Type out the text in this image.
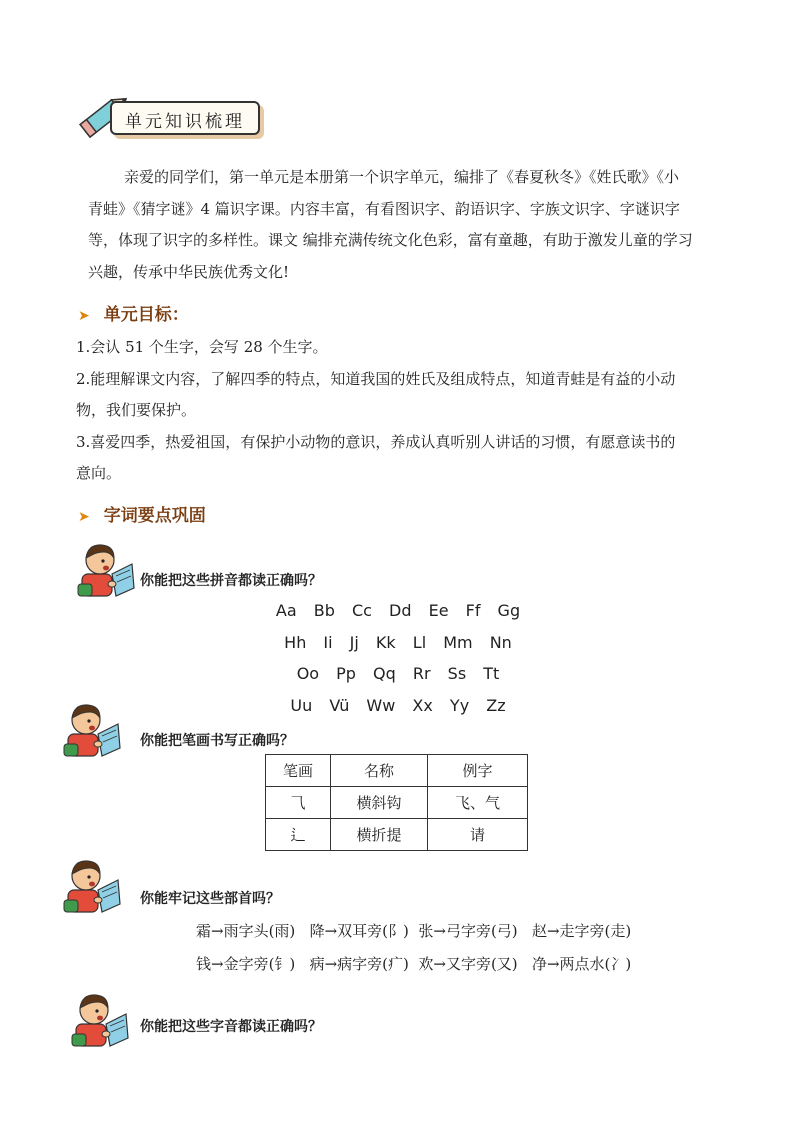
单元知识梳理
亲爱的同学们，第一单元是本册第一个识字单元，编排了《春夏秋冬》《姓氏歌》《小
青蛙》《猜字谜》4 篇识字课。内容丰富，有看图识字、韵语识字、字族文识字、字谜识字
等，体现了识字的多样性。课文 编排充满传统文化色彩，富有童趣，有助于激发儿童的学习
兴趣，传承中华民族优秀文化!
➤ 单元目标：
1.会认 51 个生字，会写 28 个生字。
2.能理解课文内容，了解四季的特点，知道我国的姓氏及组成特点，知道青蛙是有益的小动
物，我们要保护。
3.喜爱四季，热爱祖国，有保护小动物的意识，养成认真听别人讲话的习惯，有愿意读书的
意向。
➤ 字词要点巩固
你能把这些拼音都读正确吗？
Aa Bb Cc Dd Ee Ff Gg
Hh Ii Jj Kk Ll Mm Nn
Oo Pp Qq Rr Ss Tt
Uu Vü Ww Xx Yy Zz
你能把笔画书写正确吗？
笔画	名称	例字
⺄	横斜钩	飞、气
⻍	横折提	请
你能牢记这些部首吗？
霜→雨字头(雨)   降→双耳旁(阝)  张→弓字旁(弓)   赵→走字旁(走)
钱→金字旁(钅)   病→病字旁(疒)  欢→又字旁(又)   净→两点水(冫)
你能把这些字音都读正确吗？
